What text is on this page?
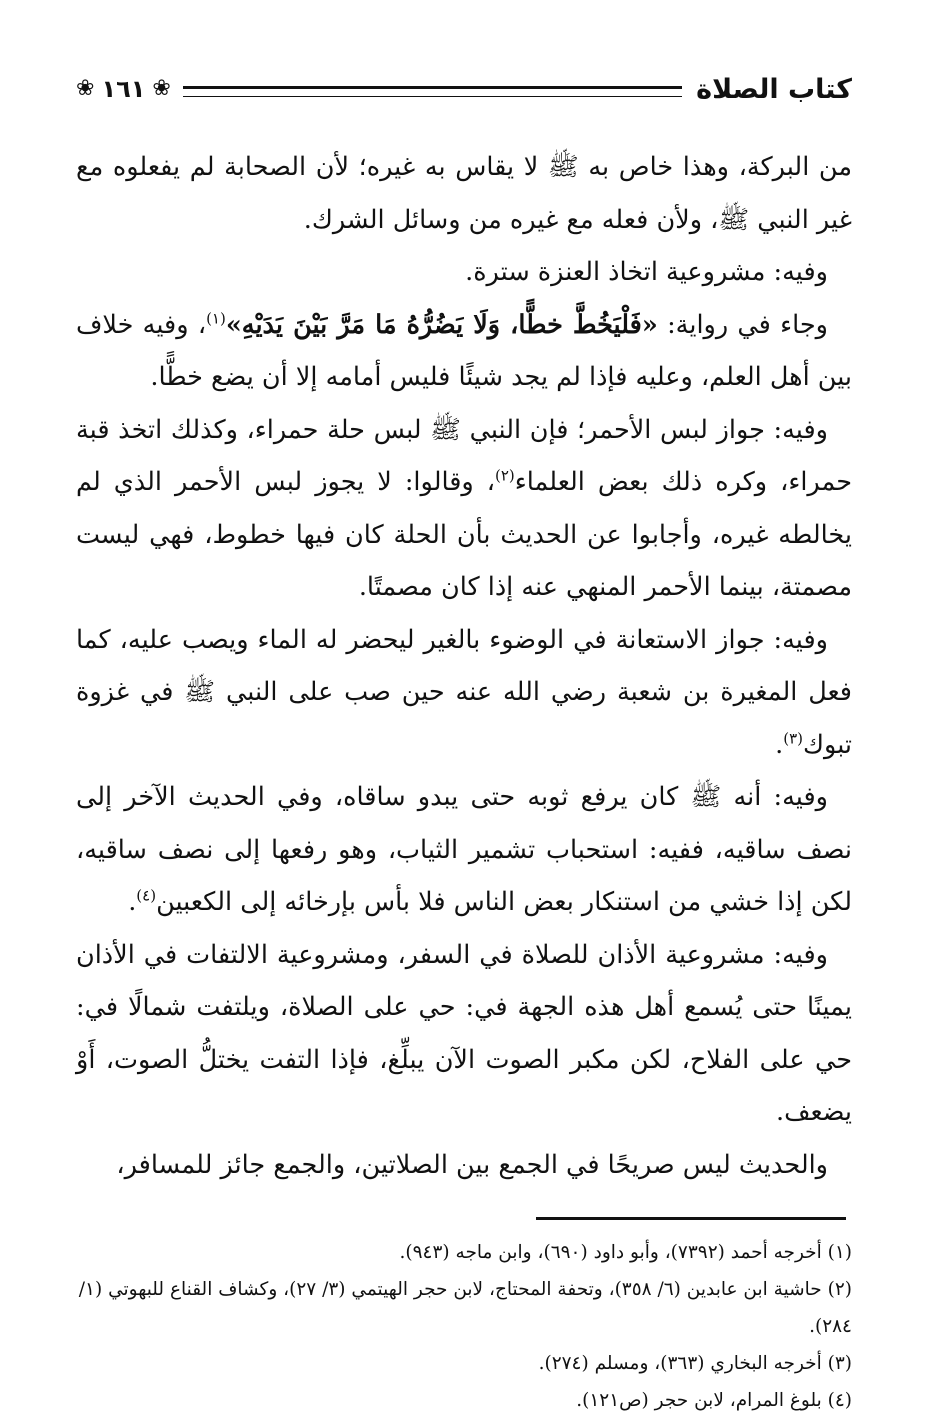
كتاب الصلاة
❀ ١٦١ ❀

من البركة، وهذا خاص به ﷺ لا يقاس به غيره؛ لأن الصحابة لم يفعلوه مع غير النبي ﷺ، ولأن فعله مع غيره من وسائل الشرك.

وفيه: مشروعية اتخاذ العنزة سترة.

وجاء في رواية: «فَلْيَخُطَّ خطًّا، وَلَا يَضُرُّهُ مَا مَرَّ بَيْنَ يَدَيْهِ»$^{(١)}$، وفيه خلاف بين أهل العلم، وعليه فإذا لم يجد شيئًا فليس أمامه إلا أن يضع خطًّا.

وفيه: جواز لبس الأحمر؛ فإن النبي ﷺ لبس حلة حمراء، وكذلك اتخذ قبة حمراء، وكره ذلك بعض العلماء$^{(٢)}$، وقالوا: لا يجوز لبس الأحمر الذي لم يخالطه غيره، وأجابوا عن الحديث بأن الحلة كان فيها خطوط، فهي ليست مصمتة، بينما الأحمر المنهي عنه إذا كان مصمتًا.

وفيه: جواز الاستعانة في الوضوء بالغير ليحضر له الماء ويصب عليه، كما فعل المغيرة بن شعبة رضي الله عنه حين صب على النبي ﷺ في غزوة تبوك$^{(٣)}$.

وفيه: أنه ﷺ كان يرفع ثوبه حتى يبدو ساقاه، وفي الحديث الآخر إلى نصف ساقيه، ففيه: استحباب تشمير الثياب، وهو رفعها إلى نصف ساقيه، لكن إذا خشي من استنكار بعض الناس فلا بأس بإرخائه إلى الكعبين$^{(٤)}$.

وفيه: مشروعية الأذان للصلاة في السفر، ومشروعية الالتفات في الأذان يمينًا حتى يُسمع أهل هذه الجهة في: حي على الصلاة، ويلتفت شمالًا في: حي على الفلاح، لكن مكبر الصوت الآن يبلِّغ، فإذا التفت يختلُّ الصوت، أَوْ يضعف.

والحديث ليس صريحًا في الجمع بين الصلاتين، والجمع جائز للمسافر،

(١) أخرجه أحمد (٧٣٩٢)، وأبو داود (٦٩٠)، وابن ماجه (٩٤٣).

(٢) حاشية ابن عابدين (٦/ ٣٥٨)، وتحفة المحتاج، لابن حجر الهيتمي (٣/ ٢٧)، وكشاف القناع للبهوتي (١/ ٢٨٤).

(٣) أخرجه البخاري (٣٦٣)، ومسلم (٢٧٤).

(٤) بلوغ المرام، لابن حجر (ص١٢١).
